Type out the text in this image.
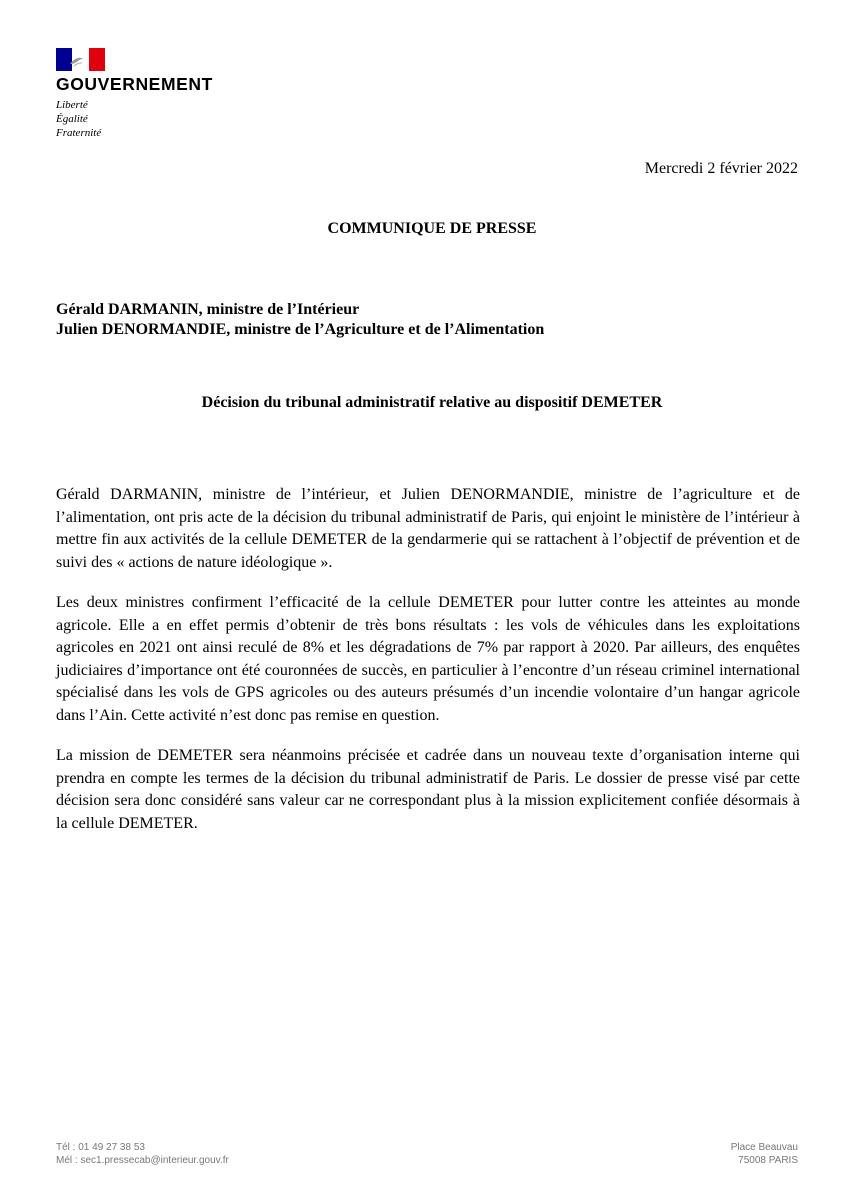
GOUVERNEMENT
Liberté
Égalité
Fraternité
Mercredi 2 février 2022
COMMUNIQUE DE PRESSE
Gérald DARMANIN, ministre de l’Intérieur
Julien DENORMANDIE, ministre de l’Agriculture et de l’Alimentation
Décision du tribunal administratif relative au dispositif DEMETER

Gérald DARMANIN, ministre de l’intérieur, et Julien DENORMANDIE, ministre de l’agriculture et de l’alimentation, ont pris acte de la décision du tribunal administratif de Paris, qui enjoint le ministère de l’intérieur à mettre fin aux activités de la cellule DEMETER de la gendarmerie qui se rattachent à l’objectif de prévention et de suivi des « actions de nature idéologique ».

Les deux ministres confirment l’efficacité de la cellule DEMETER pour lutter contre les atteintes au monde agricole. Elle a en effet permis d’obtenir de très bons résultats : les vols de véhicules dans les exploitations agricoles en 2021 ont ainsi reculé de 8% et les dégradations de 7% par rapport à 2020. Par ailleurs, des enquêtes judiciaires d’importance ont été couronnées de succès, en particulier à l’encontre d’un réseau criminel international spécialisé dans les vols de GPS agricoles ou des auteurs présumés d’un incendie volontaire d’un hangar agricole dans l’Ain. Cette activité n’est donc pas remise en question.

La mission de DEMETER sera néanmoins précisée et cadrée dans un nouveau texte d’organisation interne qui prendra en compte les termes de la décision du tribunal administratif de Paris. Le dossier de presse visé par cette décision sera donc considéré sans valeur car ne correspondant plus à la mission explicitement confiée désormais à la cellule DEMETER.

Tél : 01 49 27 38 53
Mél : sec1.pressecab@interieur.gouv.fr
Place Beauvau
75008 PARIS
